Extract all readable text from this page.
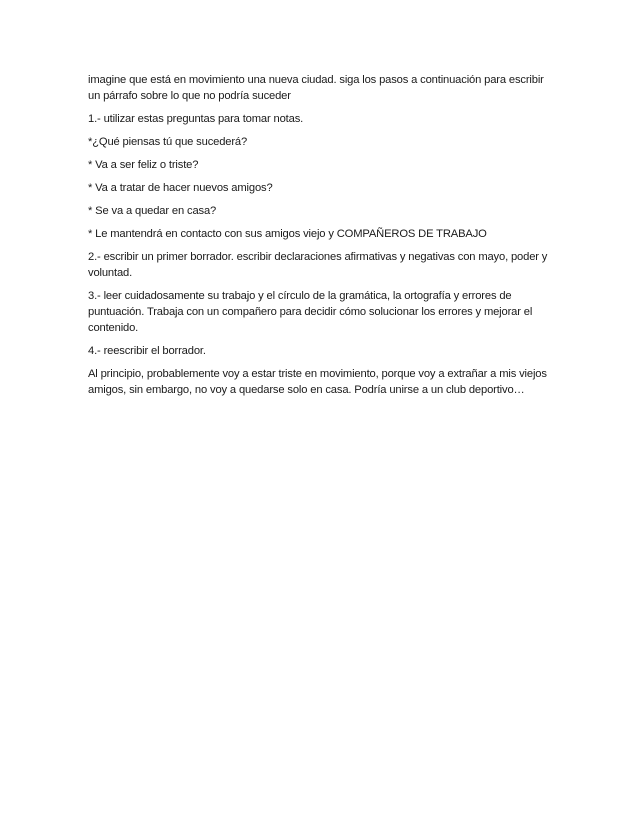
imagine que está en movimiento una nueva ciudad. siga los pasos a continuación para escribir un párrafo sobre lo que no podría suceder

1.- utilizar estas preguntas para tomar notas.

*¿Qué piensas tú que sucederá?

* Va a ser feliz o triste?

* Va a tratar de hacer nuevos amigos?

* Se va a quedar en casa?

* Le mantendrá en contacto con sus amigos viejo y COMPAÑEROS DE TRABAJO

2.- escribir un primer borrador. escribir declaraciones afirmativas y negativas con mayo, poder y voluntad.

3.- leer cuidadosamente su trabajo y el círculo de la gramática, la ortografía y errores de puntuación. Trabaja con un compañero para decidir cómo solucionar los errores y mejorar el contenido.

4.- reescribir el borrador.

Al principio, probablemente voy a estar triste en movimiento, porque voy a extrañar a mis viejos amigos, sin embargo, no voy a quedarse solo en casa. Podría unirse a un club deportivo…
